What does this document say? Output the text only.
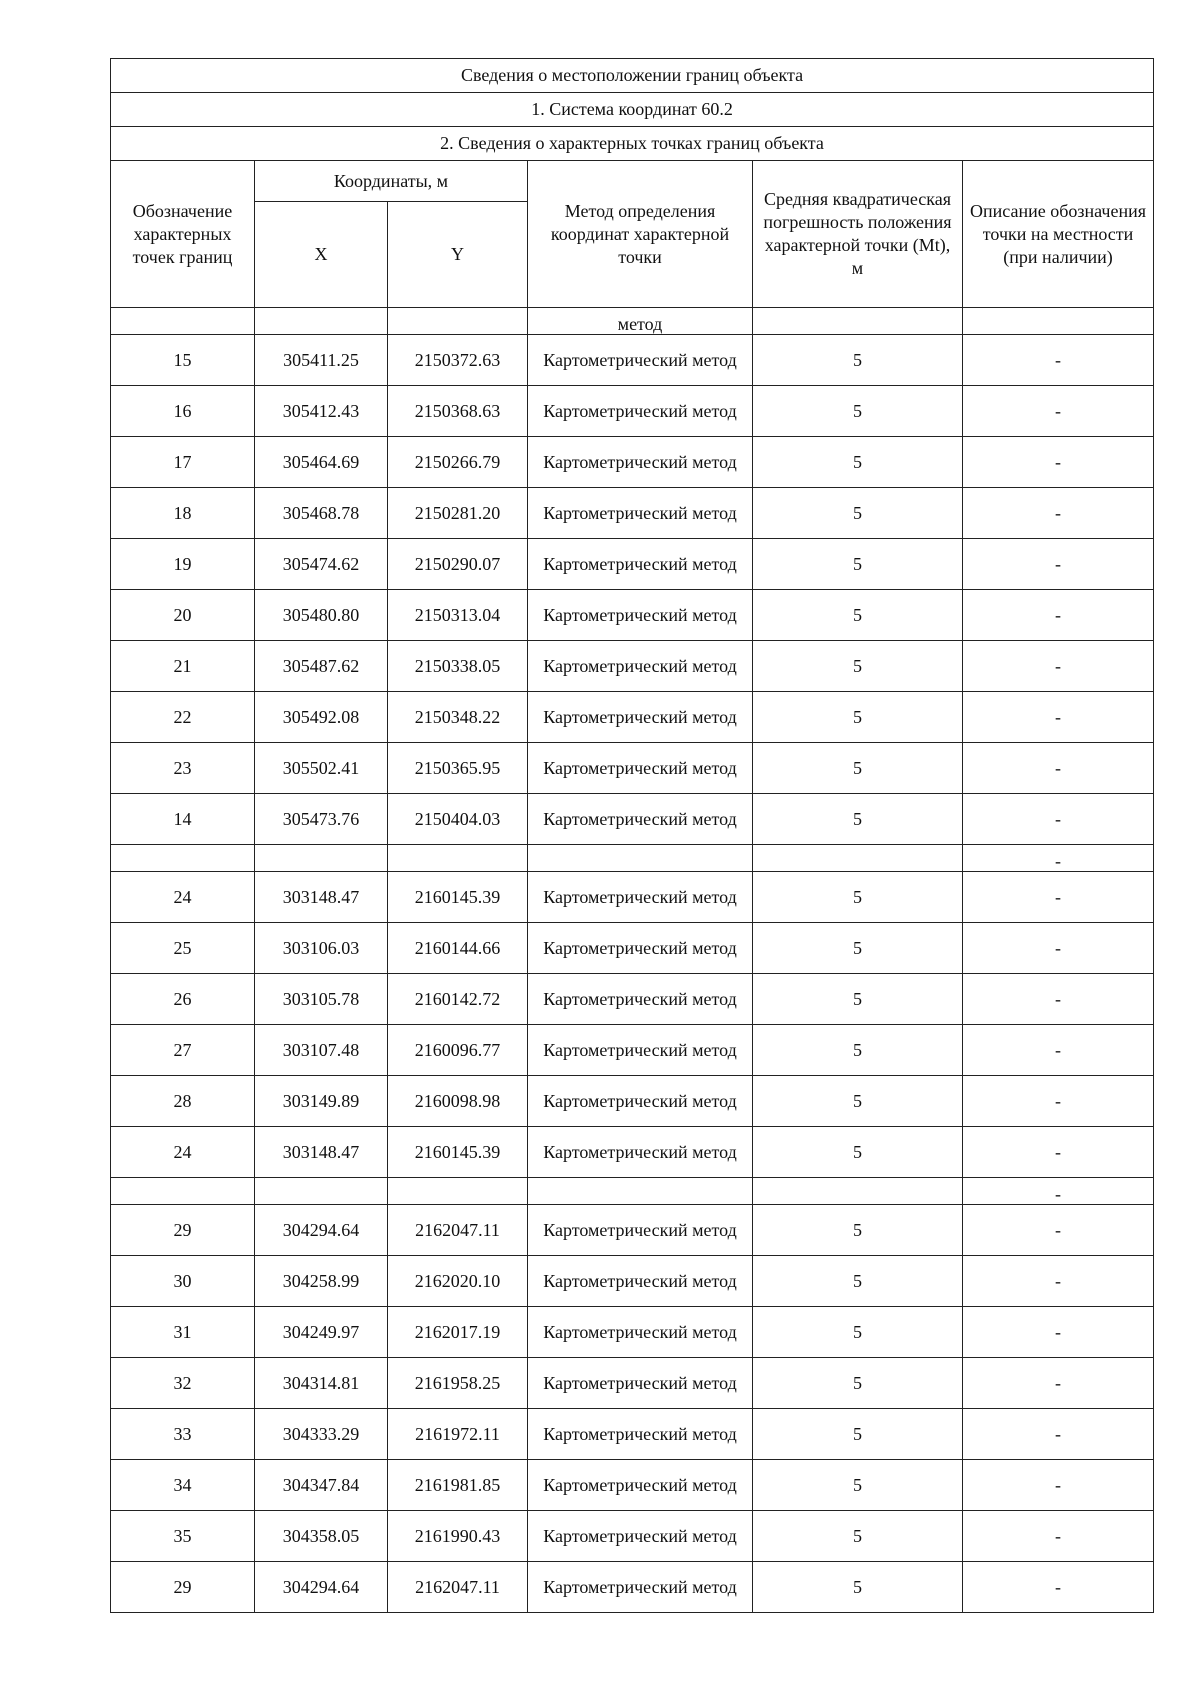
Сведения о местоположении границ объекта					
1. Система координат 60.2					
2. Сведения о характерных точках границ объекта					
Обозначение характерных точек границ	Координаты, м		Метод определения координат характерной точки	Средняя квадратическая погрешность положения характерной точки (Mt), м	Описание обозначения точки на местности (при наличии)
	X	Y			
			метод		
15	305411.25	2150372.63	Картометрический метод	5	-
16	305412.43	2150368.63	Картометрический метод	5	-
17	305464.69	2150266.79	Картометрический метод	5	-
18	305468.78	2150281.20	Картометрический метод	5	-
19	305474.62	2150290.07	Картометрический метод	5	-
20	305480.80	2150313.04	Картометрический метод	5	-
21	305487.62	2150338.05	Картометрический метод	5	-
22	305492.08	2150348.22	Картометрический метод	5	-
23	305502.41	2150365.95	Картометрический метод	5	-
14	305473.76	2150404.03	Картометрический метод	5	-
					-
24	303148.47	2160145.39	Картометрический метод	5	-
25	303106.03	2160144.66	Картометрический метод	5	-
26	303105.78	2160142.72	Картометрический метод	5	-
27	303107.48	2160096.77	Картометрический метод	5	-
28	303149.89	2160098.98	Картометрический метод	5	-
24	303148.47	2160145.39	Картометрический метод	5	-
					-
29	304294.64	2162047.11	Картометрический метод	5	-
30	304258.99	2162020.10	Картометрический метод	5	-
31	304249.97	2162017.19	Картометрический метод	5	-
32	304314.81	2161958.25	Картометрический метод	5	-
33	304333.29	2161972.11	Картометрический метод	5	-
34	304347.84	2161981.85	Картометрический метод	5	-
35	304358.05	2161990.43	Картометрический метод	5	-
29	304294.64	2162047.11	Картометрический метод	5	-
